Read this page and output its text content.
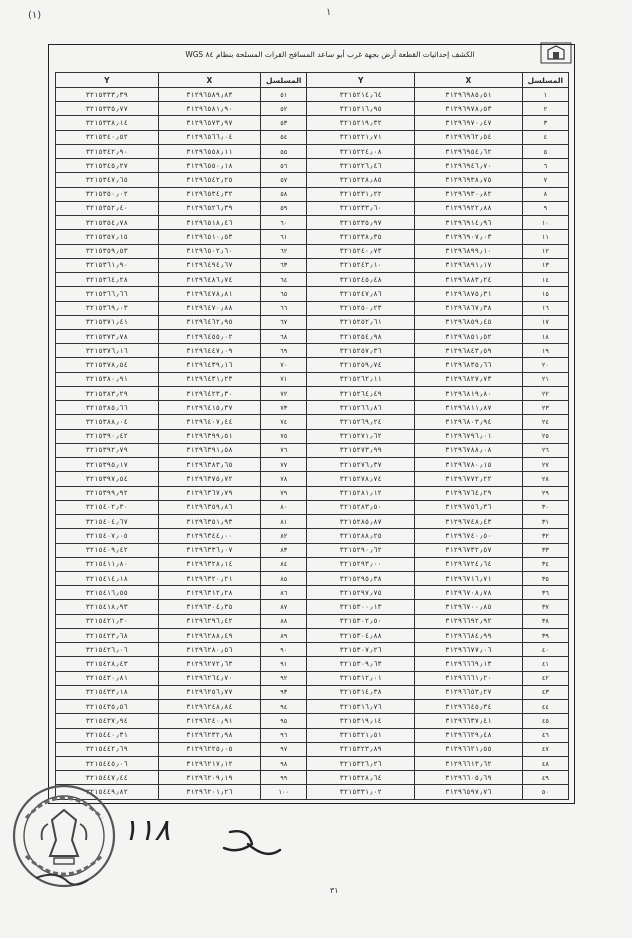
(١)	١
الكشف إحداثيات القطعة أرض بجهة غرب أبو ساعد المسافح القرات المسلحة بنظام ٨٤ WGS
Y	X	المسلسل	Y	X	المسلسل
٣٢١٥٣٣٣٫٣٩	٣١٢٩٦٥٨٩٫٨٣	٥١	٣٢١٥٢١٤٫٦٤	٣١٢٩٦٩٨٥٫٥١	١
٣٢١٥٣٣٥٫٧٧	٣١٢٩٦٥٨١٫٩٠	٥٢	٣٢١٥٢١٦٫٩٥	٣١٢٩٦٩٧٨٫٥٣	٢
٣٢١٥٣٣٨٫١٤	٣١٢٩٦٥٧٣٫٩٧	٥٣	٣٢١٥٢١٩٫٣٢	٣١٢٩٦٩٧٠٫٤٧	٣
٣٢١٥٣٤٠٫٥٢	٣١٢٩٦٥٦٦٫٠٤	٥٤	٣٢١٥٢٢١٫٧١	٣١٢٩٦٩٦٢٫٥٤	٤
٣٢١٥٣٤٢٫٩٠	٣١٢٩٦٥٥٨٫١١	٥٥	٣٢١٥٢٢٤٫٠٨	٣١٢٩٦٩٥٤٫٦٢	٥
٣٢١٥٣٤٥٫٢٧	٣١٢٩٦٥٥٠٫١٨	٥٦	٣٢١٥٢٢٦٫٤٦	٣١٢٩٦٩٤٦٫٧٠	٦
٣٢١٥٣٤٧٫٦٥	٣١٢٩٦٥٤٢٫٢٥	٥٧	٣٢١٥٢٢٨٫٨٥	٣١٢٩٦٩٣٨٫٧٥	٧
٣٢١٥٣٥٠٫٠٢	٣١٢٩٦٥٣٤٫٣٢	٥٨	٣٢١٥٢٣١٫٢٢	٣١٢٩٦٩٣٠٫٨٢	٨
٣٢١٥٣٥٢٫٤٠	٣١٢٩٦٥٢٦٫٣٩	٥٩	٣٢١٥٢٣٣٫٦٠	٣١٢٩٦٩٢٢٫٨٨	٩
٣٢١٥٣٥٤٫٧٨	٣١٢٩٦٥١٨٫٤٦	٦٠	٣٢١٥٢٣٥٫٩٧	٣١٢٩٦٩١٤٫٩٦	١٠
٣٢١٥٣٥٧٫١٥	٣١٢٩٦٥١٠٫٥٣	٦١	٣٢١٥٢٣٨٫٣٥	٣١٢٩٦٩٠٧٫٠٣	١١
٣٢١٥٣٥٩٫٥٣	٣١٢٩٦٥٠٢٫٦٠	٦٢	٣٢١٥٢٤٠٫٧٣	٣١٢٩٦٨٩٩٫١٠	١٢
٣٢١٥٣٦١٫٩٠	٣١٢٩٦٤٩٤٫٦٧	٦٣	٣٢١٥٢٤٣٫١٠	٣١٢٩٦٨٩١٫١٧	١٣
٣٢١٥٣٦٤٫٢٨	٣١٢٩٦٤٨٦٫٧٤	٦٤	٣٢١٥٢٤٥٫٤٨	٣١٢٩٦٨٨٣٫٢٤	١٤
٣٢١٥٣٦٦٫٦٦	٣١٢٩٦٤٧٨٫٨١	٦٥	٣٢١٥٢٤٧٫٨٦	٣١٢٩٦٨٧٥٫٣١	١٥
٣٢١٥٣٦٩٫٠٣	٣١٢٩٦٤٧٠٫٨٨	٦٦	٣٢١٥٢٥٠٫٢٣	٣١٢٩٦٨٦٧٫٣٨	١٦
٣٢١٥٣٧١٫٤١	٣١٢٩٦٤٦٢٫٩٥	٦٧	٣٢١٥٢٥٢٫٦١	٣١٢٩٦٨٥٩٫٤٥	١٧
٣٢١٥٣٧٣٫٧٨	٣١٢٩٦٤٥٥٫٠٢	٦٨	٣٢١٥٢٥٤٫٩٨	٣١٢٩٦٨٥١٫٥٢	١٨
٣٢١٥٣٧٦٫١٦	٣١٢٩٦٤٤٧٫٠٩	٦٩	٣٢١٥٢٥٧٫٣٦	٣١٢٩٦٨٤٣٫٥٩	١٩
٣٢١٥٣٧٨٫٥٤	٣١٢٩٦٤٣٩٫١٦	٧٠	٣٢١٥٢٥٩٫٧٤	٣١٢٩٦٨٣٥٫٦٦	٢٠
٣٢١٥٣٨٠٫٩١	٣١٢٩٦٤٣١٫٢٣	٧١	٣٢١٥٢٦٢٫١١	٣١٢٩٦٨٢٧٫٧٣	٢١
٣٢١٥٣٨٣٫٢٩	٣١٢٩٦٤٢٣٫٣٠	٧٢	٣٢١٥٢٦٤٫٤٩	٣١٢٩٦٨١٩٫٨٠	٢٢
٣٢١٥٣٨٥٫٦٦	٣١٢٩٦٤١٥٫٣٧	٧٣	٣٢١٥٢٦٦٫٨٦	٣١٢٩٦٨١١٫٨٧	٢٣
٣٢١٥٣٨٨٫٠٤	٣١٢٩٦٤٠٧٫٤٤	٧٤	٣٢١٥٢٦٩٫٢٤	٣١٢٩٦٨٠٣٫٩٤	٢٤
٣٢١٥٣٩٠٫٤٢	٣١٢٩٦٣٩٩٫٥١	٧٥	٣٢١٥٢٧١٫٦٢	٣١٢٩٦٧٩٦٫٠١	٢٥
٣٢١٥٣٩٢٫٧٩	٣١٢٩٦٣٩١٫٥٨	٧٦	٣٢١٥٢٧٣٫٩٩	٣١٢٩٦٧٨٨٫٠٨	٢٦
٣٢١٥٣٩٥٫١٧	٣١٢٩٦٣٨٣٫٦٥	٧٧	٣٢١٥٢٧٦٫٣٧	٣١٢٩٦٧٨٠٫١٥	٢٧
٣٢١٥٣٩٧٫٥٤	٣١٢٩٦٣٧٥٫٧٢	٧٨	٣٢١٥٢٧٨٫٧٤	٣١٢٩٦٧٧٢٫٢٢	٢٨
٣٢١٥٣٩٩٫٩٢	٣١٢٩٦٣٦٧٫٧٩	٧٩	٣٢١٥٢٨١٫١٢	٣١٢٩٦٧٦٤٫٢٩	٢٩
٣٢١٥٤٠٢٫٣٠	٣١٢٩٦٣٥٩٫٨٦	٨٠	٣٢١٥٢٨٣٫٥٠	٣١٢٩٦٧٥٦٫٣٦	٣٠
٣٢١٥٤٠٤٫٦٧	٣١٢٩٦٣٥١٫٩٣	٨١	٣٢١٥٢٨٥٫٨٧	٣١٢٩٦٧٤٨٫٤٣	٣١
٣٢١٥٤٠٧٫٠٥	٣١٢٩٦٣٤٤٫٠٠	٨٢	٣٢١٥٢٨٨٫٢٥	٣١٢٩٦٧٤٠٫٥٠	٣٢
٣٢١٥٤٠٩٫٤٢	٣١٢٩٦٣٣٦٫٠٧	٨٣	٣٢١٥٢٩٠٫٦٢	٣١٢٩٦٧٣٢٫٥٧	٣٣
٣٢١٥٤١١٫٨٠	٣١٢٩٦٣٢٨٫١٤	٨٤	٣٢١٥٢٩٣٫٠٠	٣١٢٩٦٧٢٤٫٦٤	٣٤
٣٢١٥٤١٤٫١٨	٣١٢٩٦٣٢٠٫٢١	٨٥	٣٢١٥٢٩٥٫٣٨	٣١٢٩٦٧١٦٫٧١	٣٥
٣٢١٥٤١٦٫٥٥	٣١٢٩٦٣١٢٫٢٨	٨٦	٣٢١٥٢٩٧٫٧٥	٣١٢٩٦٧٠٨٫٧٨	٣٦
٣٢١٥٤١٨٫٩٣	٣١٢٩٦٣٠٤٫٣٥	٨٧	٣٢١٥٣٠٠٫١٣	٣١٢٩٦٧٠٠٫٨٥	٣٧
٣٢١٥٤٢١٫٣٠	٣١٢٩٦٢٩٦٫٤٢	٨٨	٣٢١٥٣٠٢٫٥٠	٣١٢٩٦٦٩٢٫٩٢	٣٨
٣٢١٥٤٢٣٫٦٨	٣١٢٩٦٢٨٨٫٤٩	٨٩	٣٢١٥٣٠٤٫٨٨	٣١٢٩٦٦٨٤٫٩٩	٣٩
٣٢١٥٤٢٦٫٠٦	٣١٢٩٦٢٨٠٫٥٦	٩٠	٣٢١٥٣٠٧٫٢٦	٣١٢٩٦٦٧٧٫٠٦	٤٠
٣٢١٥٤٢٨٫٤٣	٣١٢٩٦٢٧٢٫٦٣	٩١	٣٢١٥٣٠٩٫٦٣	٣١٢٩٦٦٦٩٫١٣	٤١
٣٢١٥٤٣٠٫٨١	٣١٢٩٦٢٦٤٫٧٠	٩٢	٣٢١٥٣١٢٫٠١	٣١٢٩٦٦٦١٫٢٠	٤٢
٣٢١٥٤٣٣٫١٨	٣١٢٩٦٢٥٦٫٧٧	٩٣	٣٢١٥٣١٤٫٣٨	٣١٢٩٦٦٥٣٫٢٧	٤٣
٣٢١٥٤٣٥٫٥٦	٣١٢٩٦٢٤٨٫٨٤	٩٤	٣٢١٥٣١٦٫٧٦	٣١٢٩٦٦٤٥٫٣٤	٤٤
٣٢١٥٤٣٧٫٩٤	٣١٢٩٦٢٤٠٫٩١	٩٥	٣٢١٥٣١٩٫١٤	٣١٢٩٦٦٣٧٫٤١	٤٥
٣٢١٥٤٤٠٫٣١	٣١٢٩٦٢٣٢٫٩٨	٩٦	٣٢١٥٣٢١٫٥١	٣١٢٩٦٦٢٩٫٤٨	٤٦
٣٢١٥٤٤٢٫٦٩	٣١٢٩٦٢٢٥٫٠٥	٩٧	٣٢١٥٣٢٣٫٨٩	٣١٢٩٦٦٢١٫٥٥	٤٧
٣٢١٥٤٤٥٫٠٦	٣١٢٩٦٢١٧٫١٢	٩٨	٣٢١٥٣٢٦٫٢٦	٣١٢٩٦٦١٣٫٦٢	٤٨
٣٢١٥٤٤٧٫٤٤	٣١٢٩٦٢٠٩٫١٩	٩٩	٣٢١٥٣٢٨٫٦٤	٣١٢٩٦٦٠٥٫٦٩	٤٩
٣٢١٥٤٤٩٫٨٢	٣١٢٩٦٢٠١٫٢٦	١٠٠	٣٢١٥٣٣١٫٠٢	٣١٢٩٦٥٩٧٫٧٦	٥٠
١١٨
٣١
